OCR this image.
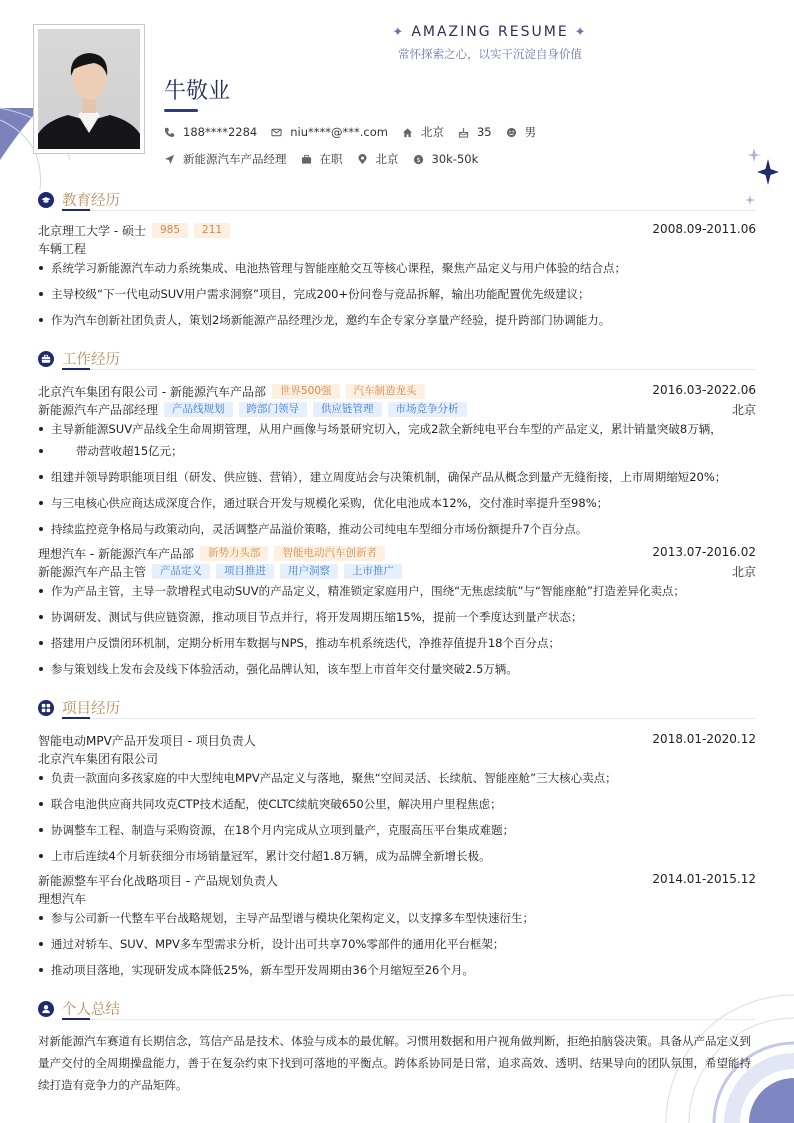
✦ AMAZING RESUME ✦
常怀探索之心，以实干沉淀自身价值
牛敬业
188****2284	niu****@***.com	北京	35	男
新能源汽车产品经理	在职	北京 $ 30k-50k
教育经历
北京理工大学 - 硕士	985	211	2008.09-2011.06
车辆工程
系统学习新能源汽车动力系统集成、电池热管理与智能座舱交互等核心课程，聚焦产品定义与用户体验的结合点；
主导校级“下一代电动SUV用户需求洞察”项目，完成200+份问卷与竞品拆解，输出功能配置优先级建议；
作为汽车创新社团负责人，策划2场新能源产品经理沙龙，邀约车企专家分享量产经验，提升跨部门协调能力。
工作经历
北京汽车集团有限公司 - 新能源汽车产品部	世界500强	汽车制造龙头	2016.03-2022.06
新能源汽车产品部经理	产品线规划	跨部门领导	供应链管理	市场竞争分析	北京
主导新能源SUV产品线全生命周期管理，从用户画像与场景研究切入，完成2款全新纯电平台车型的产品定义，累计销量突破8万辆，
带动营收超15亿元；
组建并领导跨职能项目组（研发、供应链、营销），建立周度站会与决策机制，确保产品从概念到量产无缝衔接，上市周期缩短20%；
与三电核心供应商达成深度合作，通过联合开发与规模化采购，优化电池成本12%，交付准时率提升至98%；
持续监控竞争格局与政策动向，灵活调整产品溢价策略，推动公司纯电车型细分市场份额提升7个百分点。
理想汽车 - 新能源汽车产品部	新势力头部	智能电动汽车创新者	2013.07-2016.02
新能源汽车产品主管	产品定义	项目推进	用户洞察	上市推广	北京
作为产品主管，主导一款增程式电动SUV的产品定义，精准锁定家庭用户，围绕“无焦虑续航”与“智能座舱”打造差异化卖点；
协调研发、测试与供应链资源，推动项目节点并行，将开发周期压缩15%，提前一个季度达到量产状态；
搭建用户反馈闭环机制，定期分析用车数据与NPS，推动车机系统迭代，净推荐值提升18个百分点；
参与策划线上发布会及线下体验活动，强化品牌认知，该车型上市首年交付量突破2.5万辆。
项目经历
智能电动MPV产品开发项目 - 项目负责人	2018.01-2020.12
北京汽车集团有限公司
负责一款面向多孩家庭的中大型纯电MPV产品定义与落地，聚焦“空间灵活、长续航、智能座舱”三大核心卖点；
联合电池供应商共同攻克CTP技术适配，使CLTC续航突破650公里，解决用户里程焦虑；
协调整车工程、制造与采购资源，在18个月内完成从立项到量产，克服高压平台集成难题；
上市后连续4个月斩获细分市场销量冠军，累计交付超1.8万辆，成为品牌全新增长极。
新能源整车平台化战略项目 - 产品规划负责人	2014.01-2015.12
理想汽车
参与公司新一代整车平台战略规划，主导产品型谱与模块化架构定义，以支撑多车型快速衍生；
通过对轿车、SUV、MPV多车型需求分析，设计出可共享70%零部件的通用化平台框架；
推动项目落地，实现研发成本降低25%，新车型开发周期由36个月缩短至26个月。
个人总结
对新能源汽车赛道有长期信念，笃信产品是技术、体验与成本的最优解。习惯用数据和用户视角做判断，拒绝拍脑袋决策。具备从产品定义到量产交付的全周期操盘能力，善于在复杂约束下找到可落地的平衡点。跨体系协同是日常，追求高效、透明、结果导向的团队氛围，希望能持续打造有竞争力的产品矩阵。
